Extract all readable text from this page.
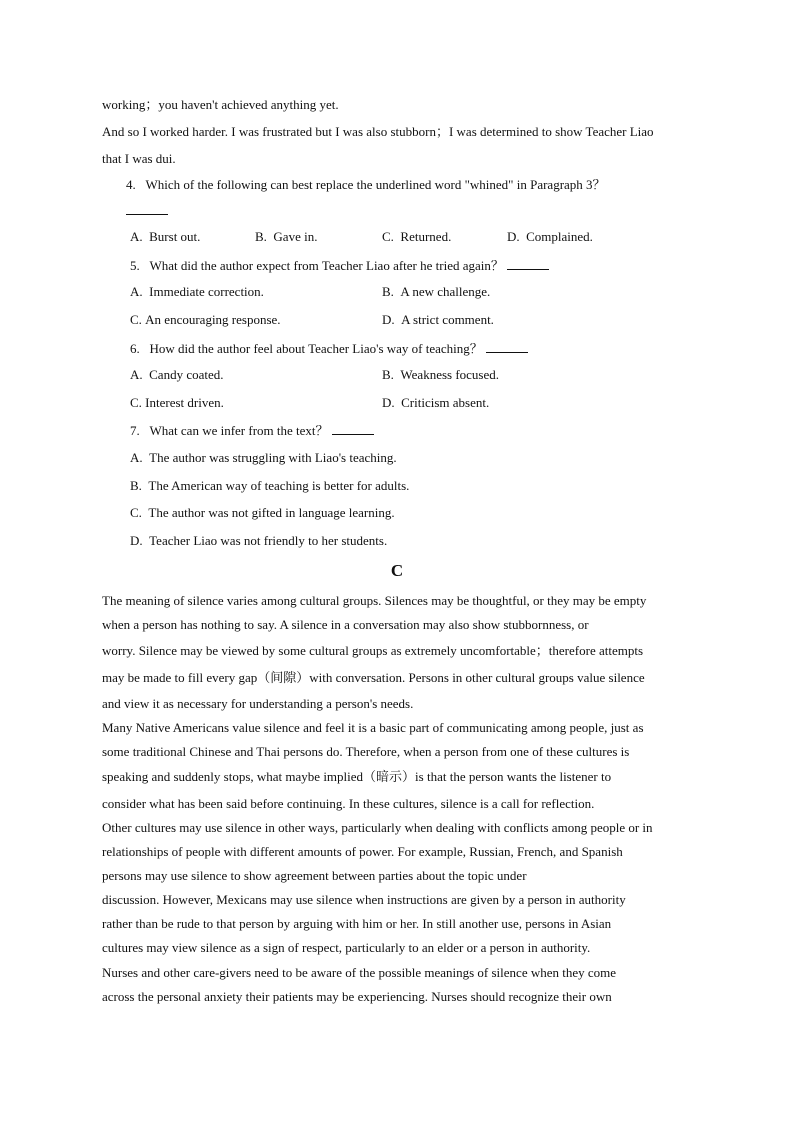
working；you haven't achieved anything yet.
And so I worked harder. I was frustrated but I was also stubborn；I was determined to show Teacher Liao
that I was dui.
4. Which of the following can best replace the underlined word "whined" in Paragraph 3？
A. Burst out.	B. Gave in.	C. Returned.	D. Complained.
5. What did the author expect from Teacher Liao after he tried again？
A. Immediate correction.	B. A new challenge.
C. An encouraging response.	D. A strict comment.
6. How did the author feel about Teacher Liao's way of teaching？
A. Candy coated.	B. Weakness focused.
C. Interest driven.	D. Criticism absent.
7. What can we infer from the text？
A. The author was struggling with Liao's teaching.
B. The American way of teaching is better for adults.
C. The author was not gifted in language learning.
D. Teacher Liao was not friendly to her students.
C
The meaning of silence varies among cultural groups. Silences may be thoughtful, or they may be empty
when a person has nothing to say. A silence in a conversation may also show stubbornness, or
worry. Silence may be viewed by some cultural groups as extremely uncomfortable；therefore attempts
may be made to fill every gap（间隙）with conversation. Persons in other cultural groups value silence
and view it as necessary for understanding a person's needs.
Many Native Americans value silence and feel it is a basic part of communicating among people, just as
some traditional Chinese and Thai persons do. Therefore, when a person from one of these cultures is
speaking and suddenly stops, what maybe implied（暗示）is that the person wants the listener to
consider what has been said before continuing. In these cultures, silence is a call for reflection.
Other cultures may use silence in other ways, particularly when dealing with conflicts among people or in
relationships of people with different amounts of power. For example, Russian, French, and Spanish
persons may use silence to show agreement between parties about the topic under
discussion. However, Mexicans may use silence when instructions are given by a person in authority
rather than be rude to that person by arguing with him or her. In still another use, persons in Asian
cultures may view silence as a sign of respect, particularly to an elder or a person in authority.
Nurses and other care-givers need to be aware of the possible meanings of silence when they come
across the personal anxiety their patients may be experiencing. Nurses should recognize their own
